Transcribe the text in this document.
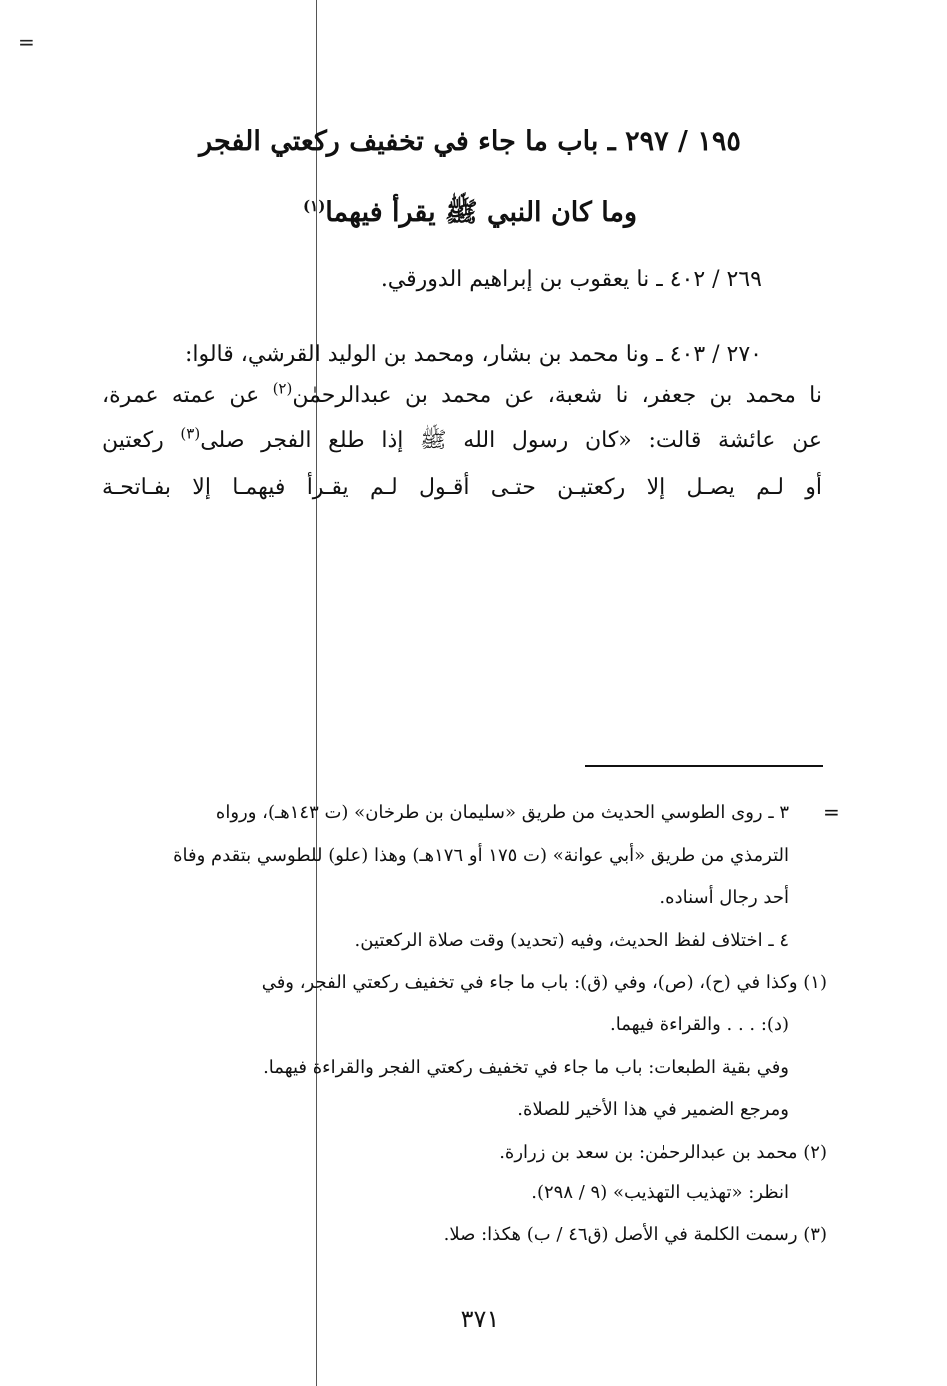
=
١٩٥ / ٢٩٧ ـ باب ما جاء في تخفيف ركعتي الفجر
وما كان النبي ﷺ يقرأ فيهما$^{(١)}$
٢٦٩ / ٤٠٢ ـ نا يعقوب بن إبراهيم الدورقي.
٢٧٠ / ٤٠٣ ـ ونا محمد بن بشار، ومحمد بن الوليد القرشي، قالوا:
نا محمد بن جعفر، نا شعبة، عن محمد بن عبدالرحمٰن$^{(٢)}$ عن عمته عمرة،
عن عائشة قالت: «كان رسول الله ﷺ إذا طلع الفجر صلى$^{(٣)}$ ركعتين
أو لـم يصـل إلا ركعتيـن حتـى أقـول لـم يقـرأ فيهمـا إلا بفـاتحـة
=
٣ ـ روى الطوسي الحديث من طريق «سليمان بن طرخان» (ت ١٤٣هـ)، ورواه
الترمذي من طريق «أبي عوانة» (ت ١٧٥ أو ١٧٦هـ) وهذا (علو) للطوسي بتقدم وفاة
أحد رجال أسناده.
٤ ـ اختلاف لفظ الحديث، وفيه (تحديد) وقت صلاة الركعتين.
(١) وكذا في (ح)، (ص)، وفي (ق): باب ما جاء في تخفيف ركعتي الفجر، وفي
(د): . . . والقراءة فيهما.
وفي بقية الطبعات: باب ما جاء في تخفيف ركعتي الفجر والقراءة فيهما.
ومرجع الضمير في هذا الأخير للصلاة.
(٢) محمد بن عبدالرحمٰن: بن سعد بن زرارة.
انظر: «تهذيب التهذيب» (٩ / ٢٩٨).
(٣) رسمت الكلمة في الأصل (ق٤٦ / ب) هكذا: صلا.
٣٧١
